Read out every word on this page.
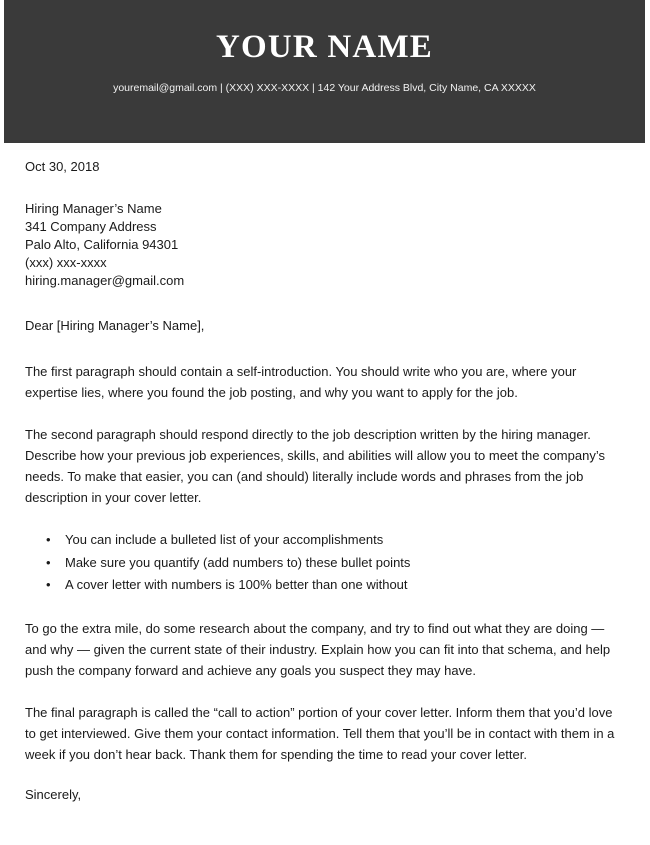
YOUR NAME
youremail@gmail.com | (XXX) XXX-XXXX | 142 Your Address Blvd, City Name, CA XXXXX

Oct 30, 2018

Hiring Manager’s Name

341 Company Address

Palo Alto, California 94301

(xxx) xxx-xxxx

hiring.manager@gmail.com

Dear [Hiring Manager’s Name],

The first paragraph should contain a self-introduction. You should write who you are, where your expertise lies, where you found the job posting, and why you want to apply for the job.

The second paragraph should respond directly to the job description written by the hiring manager. Describe how your previous job experiences, skills, and abilities will allow you to meet the company’s needs. To make that easier, you can (and should) literally include words and phrases from the job description in your cover letter.

• You can include a bulleted list of your accomplishments
• Make sure you quantify (add numbers to) these bullet points
• A cover letter with numbers is 100% better than one without

To go the extra mile, do some research about the company, and try to find out what they are doing — and why — given the current state of their industry. Explain how you can fit into that schema, and help push the company forward and achieve any goals you suspect they may have.

The final paragraph is called the “call to action” portion of your cover letter. Inform them that you’d love to get interviewed. Give them your contact information. Tell them that you’ll be in contact with them in a week if you don’t hear back. Thank them for spending the time to read your cover letter.

Sincerely,
